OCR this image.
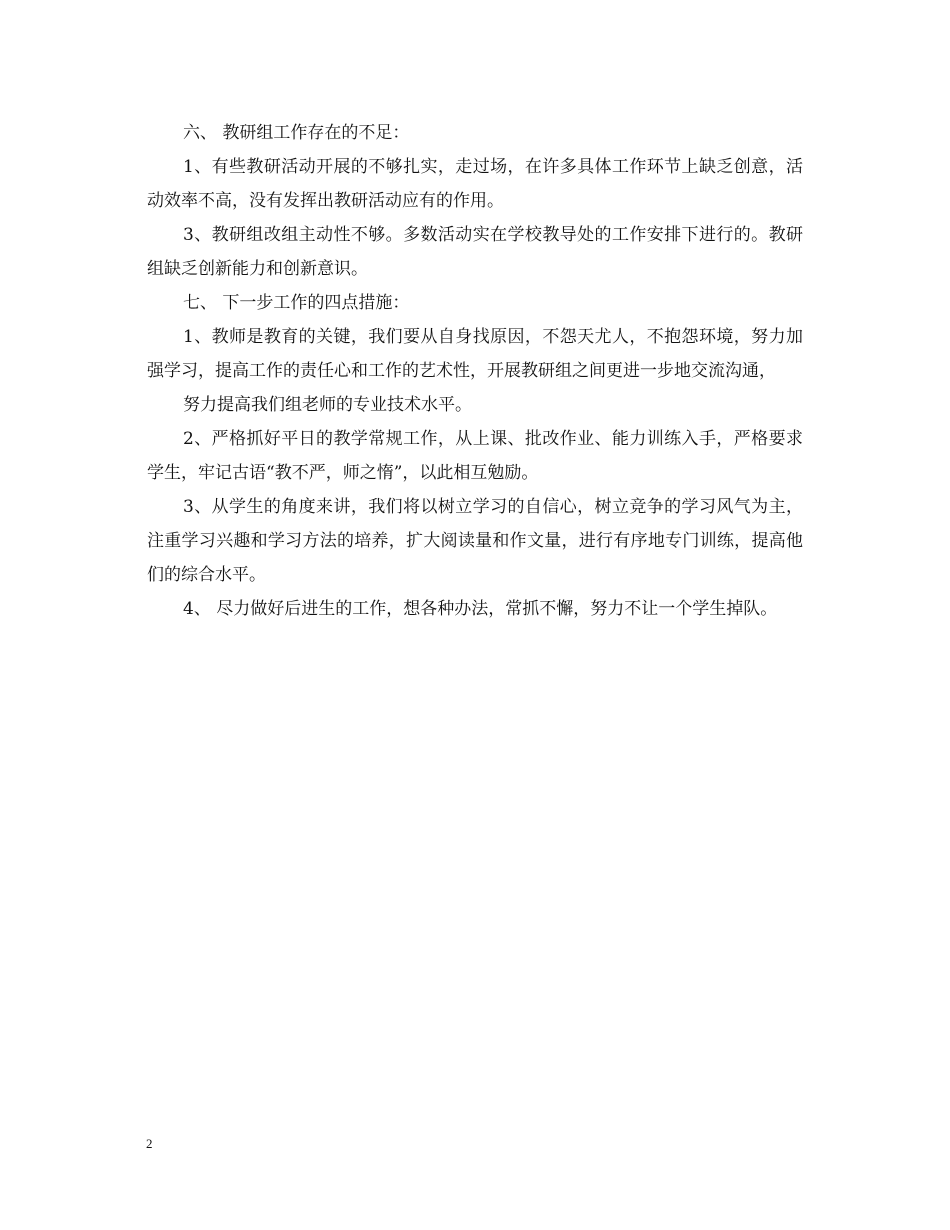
六、 教研组工作存在的不足：

1、有些教研活动开展的不够扎实，走过场，在许多具体工作环节上缺乏创意，活动效率不高，没有发挥出教研活动应有的作用。

3、教研组改组主动性不够。多数活动实在学校教导处的工作安排下进行的。教研组缺乏创新能力和创新意识。

七、 下一步工作的四点措施：

1、教师是教育的关键，我们要从自身找原因，不怨天尤人，不抱怨环境，努力加强学习，提高工作的责任心和工作的艺术性，开展教研组之间更进一步地交流沟通，

努力提高我们组老师的专业技术水平。

2、严格抓好平日的教学常规工作，从上课、批改作业、能力训练入手，严格要求学生，牢记古语“教不严，师之惰”，以此相互勉励。

3、从学生的角度来讲，我们将以树立学习的自信心，树立竞争的学习风气为主，注重学习兴趣和学习方法的培养，扩大阅读量和作文量，进行有序地专门训练，提高他们的综合水平。

4、 尽力做好后进生的工作，想各种办法，常抓不懈，努力不让一个学生掉队。

2
